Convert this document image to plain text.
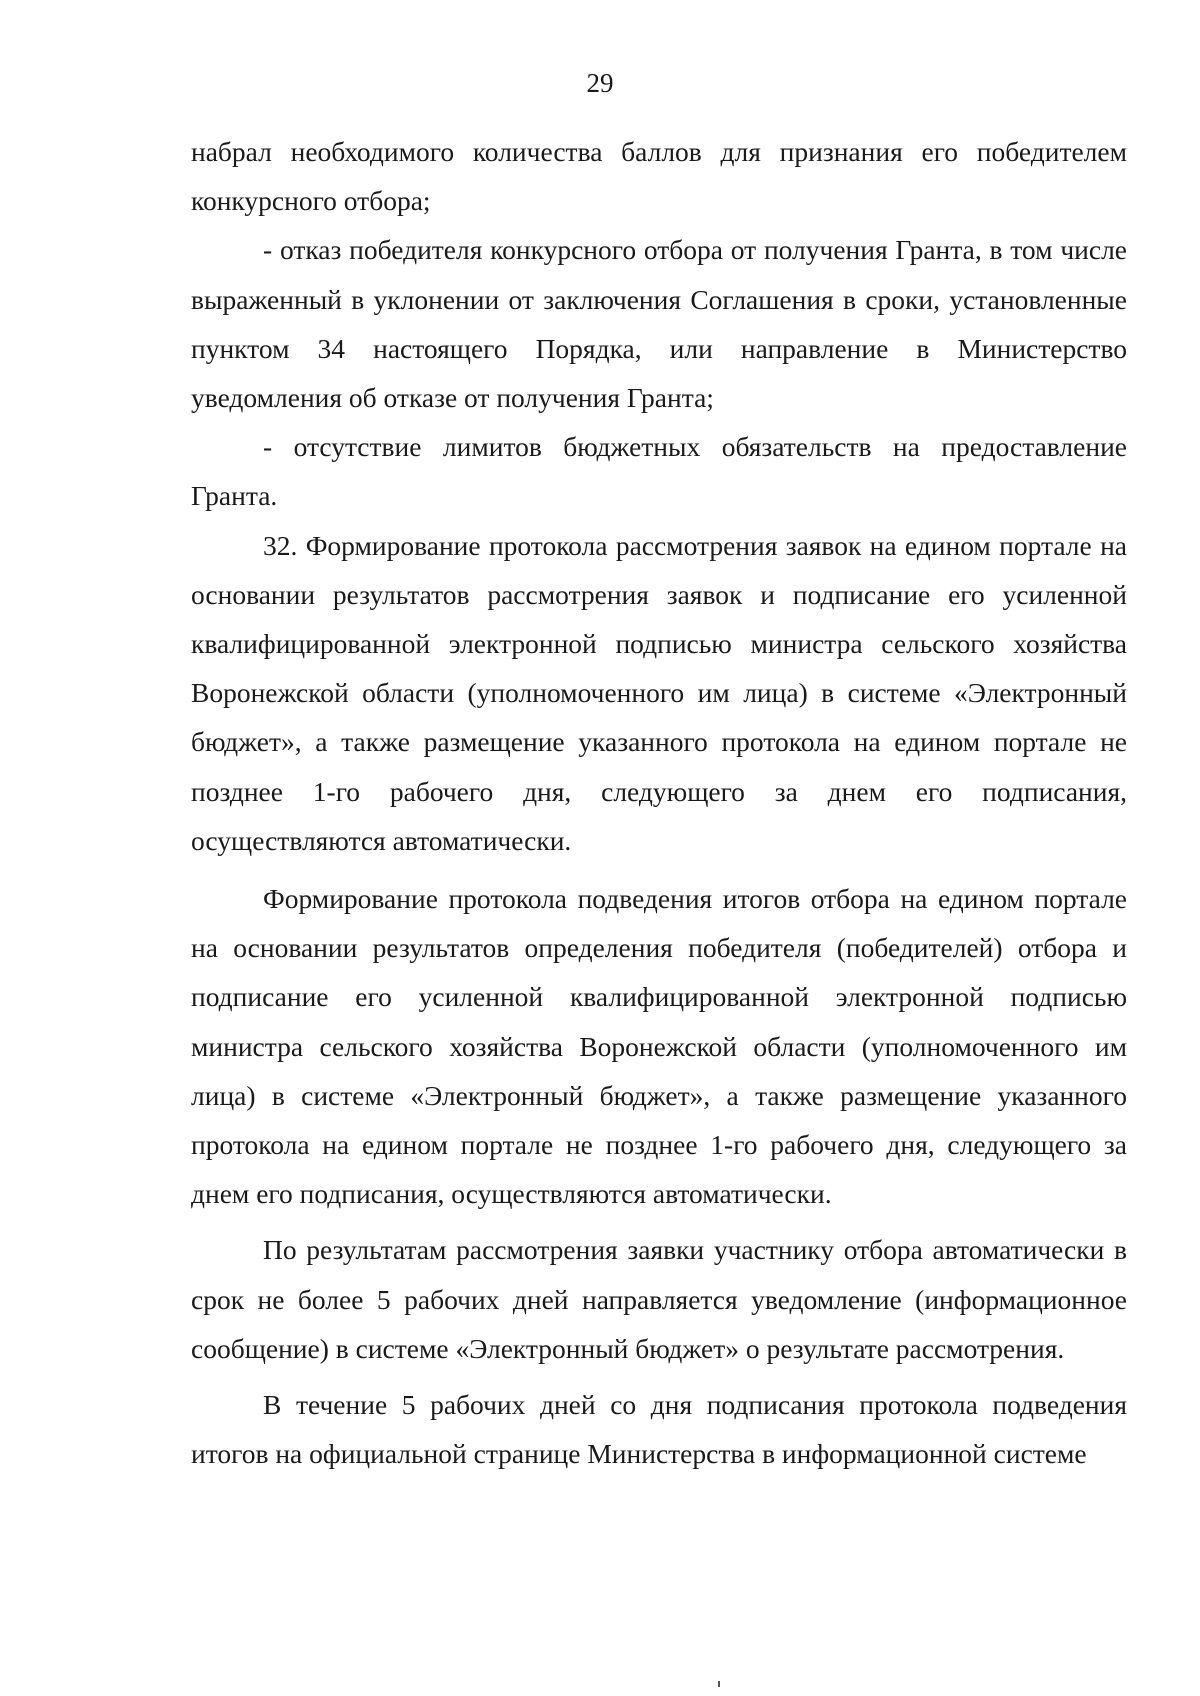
29

набрал необходимого количества баллов для признания его победителем конкурсного отбора;

- отказ победителя конкурсного отбора от получения Гранта, в том числе выраженный в уклонении от заключения Соглашения в сроки, установленные пунктом 34 настоящего Порядка, или направление в Министерство уведомления об отказе от получения Гранта;

- отсутствие лимитов бюджетных обязательств на предоставление Гранта.

32. Формирование протокола рассмотрения заявок на едином портале на основании результатов рассмотрения заявок и подписание его усиленной квалифицированной электронной подписью министра сельского хозяйства Воронежской области (уполномоченного им лица) в системе «Электронный бюджет», а также размещение указанного протокола на едином портале не позднее 1-го рабочего дня, следующего за днем его подписания, осуществляются автоматически.

Формирование протокола подведения итогов отбора на едином портале на основании результатов определения победителя (победителей) отбора и подписание его усиленной квалифицированной электронной подписью министра сельского хозяйства Воронежской области (уполномоченного им лица) в системе «Электронный бюджет», а также размещение указанного протокола на едином портале не позднее 1-го рабочего дня, следующего за днем его подписания, осуществляются автоматически.

По результатам рассмотрения заявки участнику отбора автоматически в срок не более 5 рабочих дней направляется уведомление (информационное сообщение) в системе «Электронный бюджет» о результате рассмотрения.

В течение 5 рабочих дней со дня подписания протокола подведения итогов на официальной странице Министерства в информационной системе
